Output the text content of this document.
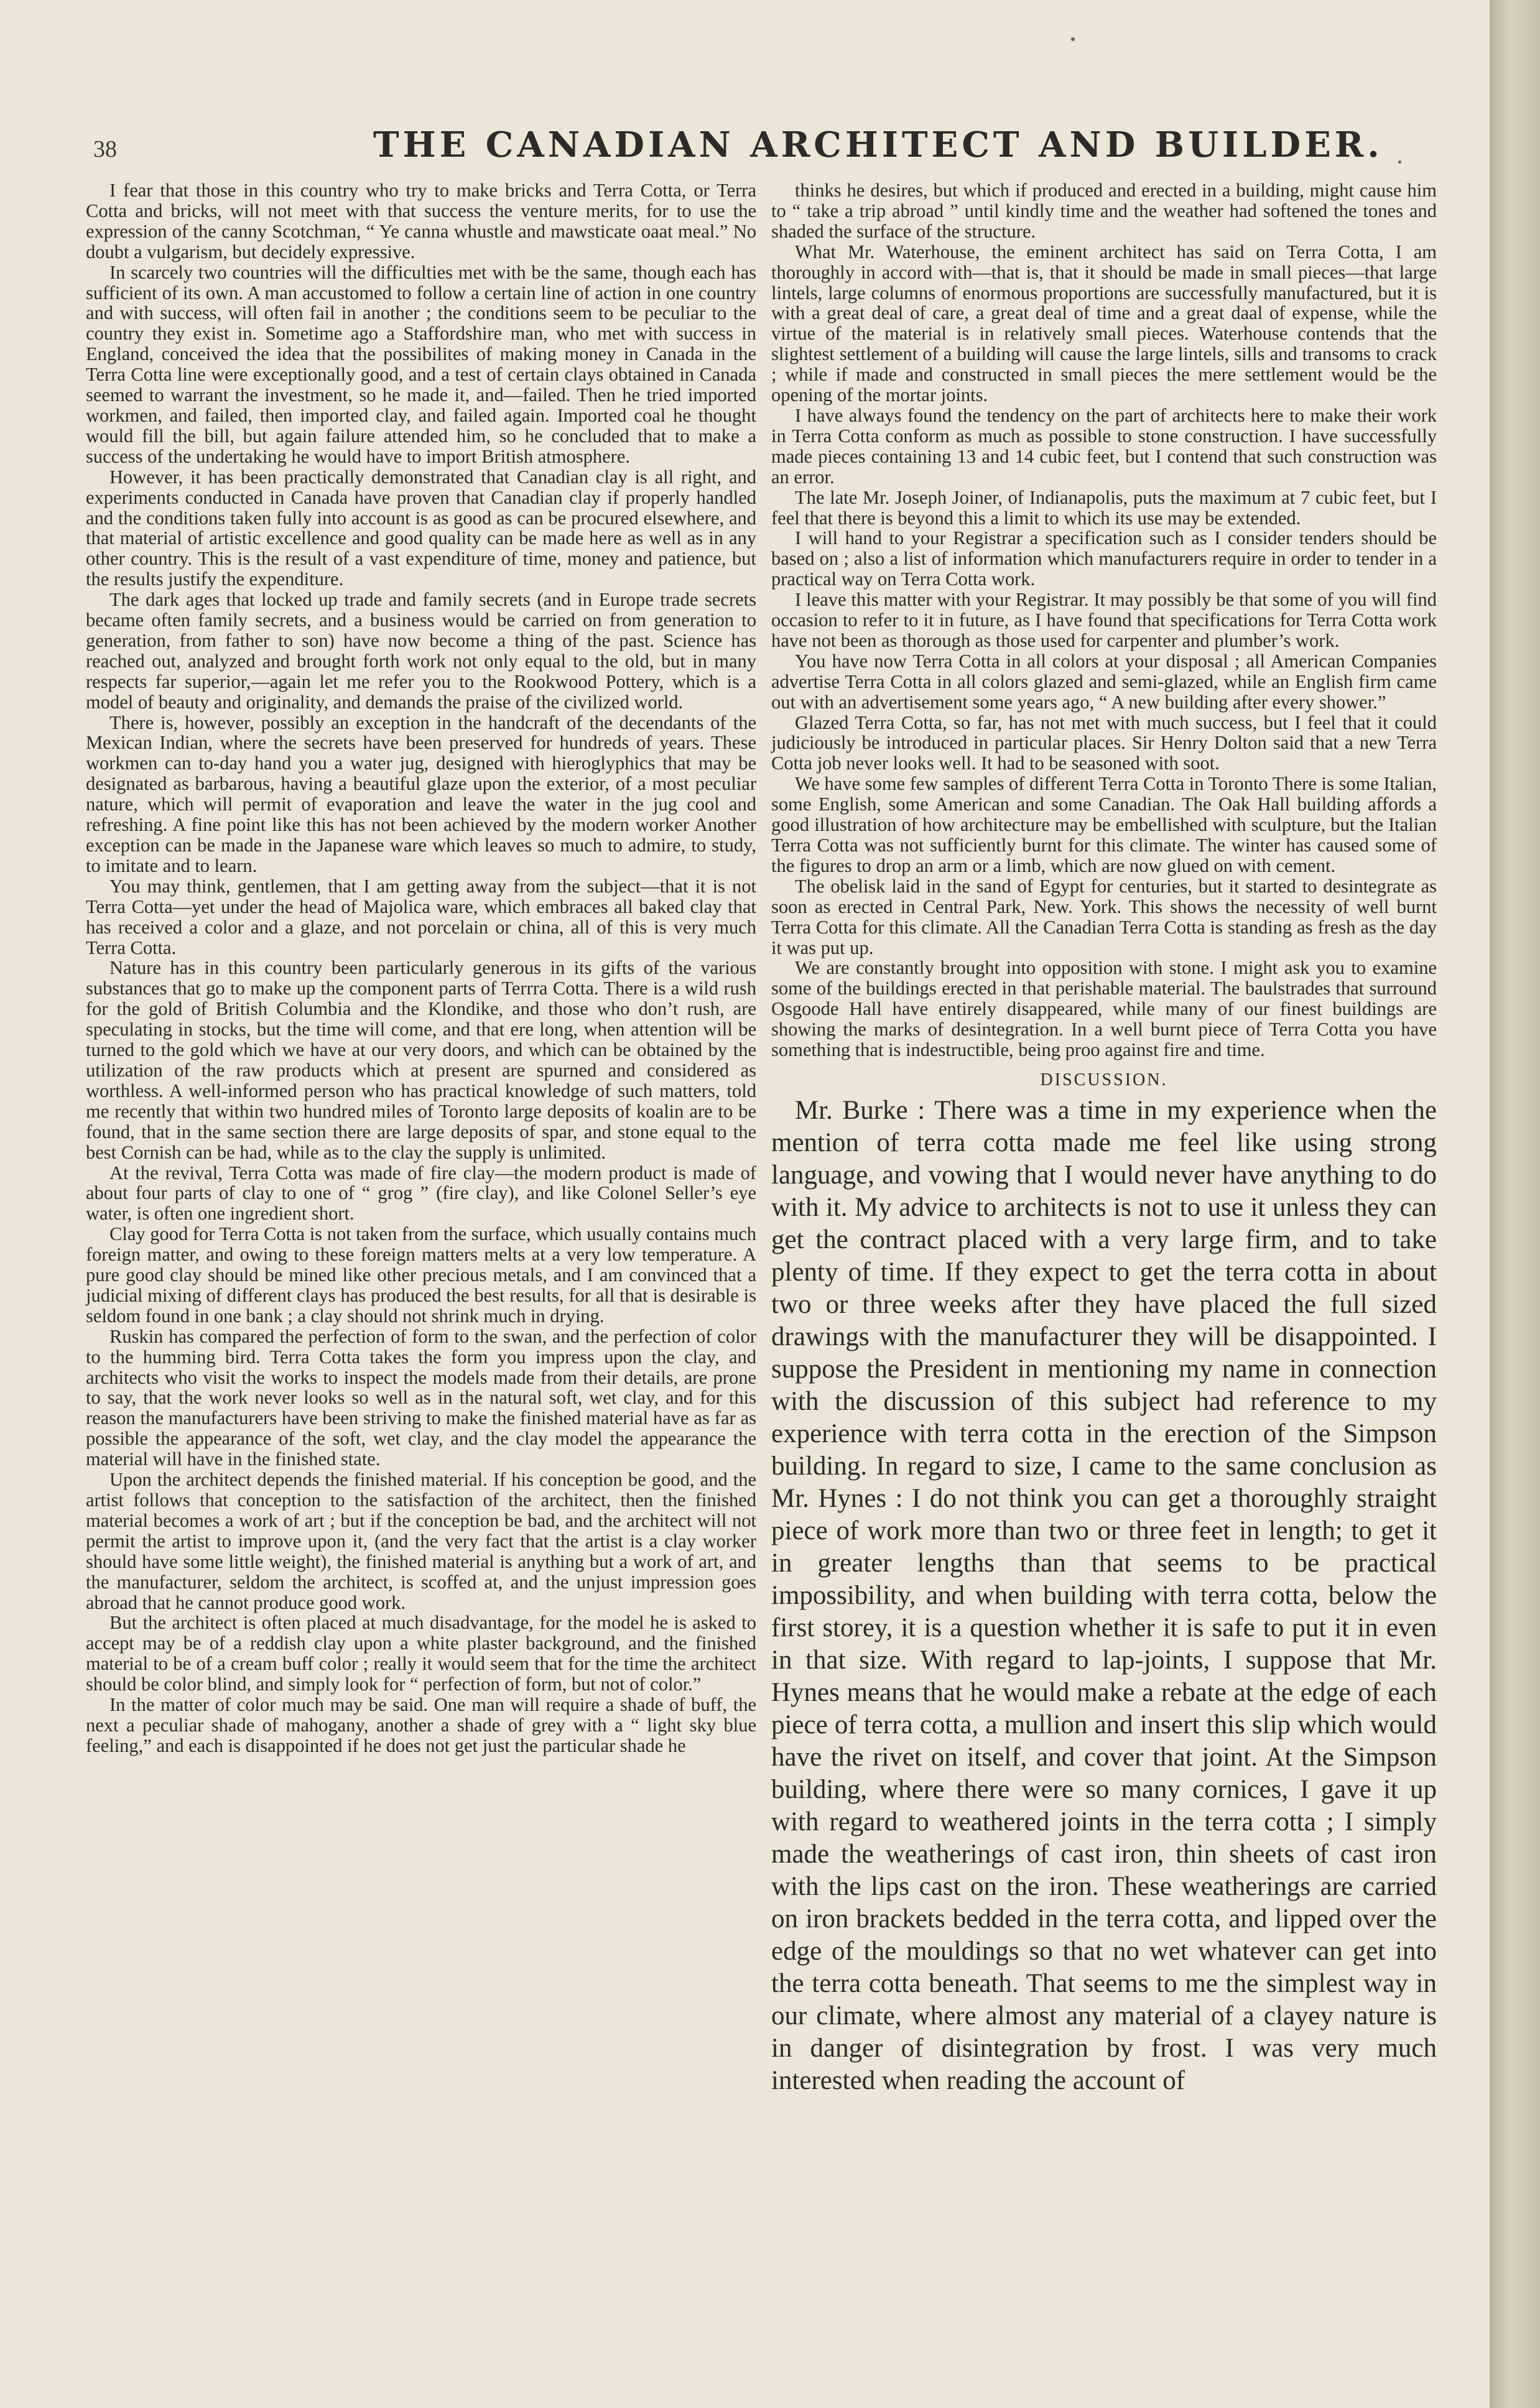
38	THE CANADIAN ARCHITECT AND BUILDER.

I fear that those in this country who try to make bricks and Terra Cotta, or Terra Cotta and bricks, will not meet with that success the venture merits, for to use the expression of the canny Scotchman, “ Ye canna whustle and mawsticate oaat meal.” No doubt a vulgarism, but decidely expressive.

In scarcely two countries will the difficulties met with be the same, though each has sufficient of its own. A man accustomed to follow a certain line of action in one country and with success, will often fail in another ; the conditions seem to be peculiar to the country they exist in. Sometime ago a Staffordshire man, who met with success in England, conceived the idea that the possibilites of making money in Canada in the Terra Cotta line were exceptionally good, and a test of certain clays obtained in Canada seemed to warrant the investment, so he made it, and—failed. Then he tried imported workmen, and failed, then imported clay, and failed again. Imported coal he thought would fill the bill, but again failure attended him, so he concluded that to make a success of the undertaking he would have to import British atmosphere.

However, it has been practically demonstrated that Canadian clay is all right, and experiments conducted in Canada have proven that Canadian clay if properly handled and the conditions taken fully into account is as good as can be procured elsewhere, and that material of artistic excellence and good quality can be made here as well as in any other country. This is the result of a vast expenditure of time, money and patience, but the results justify the expenditure.

The dark ages that locked up trade and family secrets (and in Europe trade secrets became often family secrets, and a business would be carried on from generation to generation, from father to son) have now become a thing of the past. Science has reached out, analyzed and brought forth work not only equal to the old, but in many respects far superior,—again let me refer you to the Rookwood Pottery, which is a model of beauty and originality, and demands the praise of the civilized world.

There is, however, possibly an exception in the handcraft of the decendants of the Mexican Indian, where the secrets have been preserved for hundreds of years. These workmen can to-day hand you a water jug, designed with hieroglyphics that may be designated as barbarous, having a beautiful glaze upon the exterior, of a most peculiar nature, which will permit of evaporation and leave the water in the jug cool and refreshing. A fine point like this has not been achieved by the modern worker Another exception can be made in the Japanese ware which leaves so much to admire, to study, to imitate and to learn.

You may think, gentlemen, that I am getting away from the subject—that it is not Terra Cotta—yet under the head of Majolica ware, which embraces all baked clay that has received a color and a glaze, and not porcelain or china, all of this is very much Terra Cotta.

Nature has in this country been particularly generous in its gifts of the various substances that go to make up the component parts of Terrra Cotta. There is a wild rush for the gold of British Columbia and the Klondike, and those who don’t rush, are speculating in stocks, but the time will come, and that ere long, when attention will be turned to the gold which we have at our very doors, and which can be obtained by the utilization of the raw products which at present are spurned and considered as worthless. A well-informed person who has practical knowledge of such matters, told me recently that within two hundred miles of Toronto large deposits of koalin are to be found, that in the same section there are large deposits of spar, and stone equal to the best Cornish can be had, while as to the clay the supply is unlimited.

At the revival, Terra Cotta was made of fire clay—the modern product is made of about four parts of clay to one of “ grog ” (fire clay), and like Colonel Seller’s eye water, is often one ingredient short.

Clay good for Terra Cotta is not taken from the surface, which usually contains much foreign matter, and owing to these foreign matters melts at a very low temperature. A pure good clay should be mined like other precious metals, and I am convinced that a judicial mixing of different clays has produced the best results, for all that is desirable is seldom found in one bank ; a clay should not shrink much in drying.

Ruskin has compared the perfection of form to the swan, and the perfection of color to the humming bird. Terra Cotta takes the form you impress upon the clay, and architects who visit the works to inspect the models made from their details, are prone to say, that the work never looks so well as in the natural soft, wet clay, and for this reason the manufacturers have been striving to make the finished material have as far as possible the appearance of the soft, wet clay, and the clay model the appearance the material will have in the finished state.

Upon the architect depends the finished material. If his conception be good, and the artist follows that conception to the satisfaction of the architect, then the finished material becomes a work of art ; but if the conception be bad, and the architect will not permit the artist to improve upon it, (and the very fact that the artist is a clay worker should have some little weight), the finished material is anything but a work of art, and the manufacturer, seldom the architect, is scoffed at, and the unjust impression goes abroad that he cannot produce good work.

But the architect is often placed at much disadvantage, for the model he is asked to accept may be of a reddish clay upon a white plaster background, and the finished material to be of a cream buff color ; really it would seem that for the time the architect should be color blind, and simply look for “ perfection of form, but not of color.”

In the matter of color much may be said. One man will require a shade of buff, the next a peculiar shade of mahogany, another a shade of grey with a “ light sky blue feeling,” and each is disappointed if he does not get just the particular shade he

thinks he desires, but which if produced and erected in a building, might cause him to “ take a trip abroad ” until kindly time and the weather had softened the tones and shaded the surface of the structure.

What Mr. Waterhouse, the eminent architect has said on Terra Cotta, I am thoroughly in accord with—that is, that it should be made in small pieces—that large lintels, large columns of enormous proportions are successfully manufactured, but it is with a great deal of care, a great deal of time and a great daal of expense, while the virtue of the material is in relatively small pieces. Waterhouse contends that the slightest settlement of a building will cause the large lintels, sills and transoms to crack ; while if made and constructed in small pieces the mere settlement would be the opening of the mortar joints.

I have always found the tendency on the part of architects here to make their work in Terra Cotta conform as much as possible to stone construction. I have successfully made pieces containing 13 and 14 cubic feet, but I contend that such construction was an error.

The late Mr. Joseph Joiner, of Indianapolis, puts the maximum at 7 cubic feet, but I feel that there is beyond this a limit to which its use may be extended.

I will hand to your Registrar a specification such as I consider tenders should be based on ; also a list of information which manufacturers require in order to tender in a practical way on Terra Cotta work.

I leave this matter with your Registrar. It may possibly be that some of you will find occasion to refer to it in future, as I have found that specifications for Terra Cotta work have not been as thorough as those used for carpenter and plumber’s work.

You have now Terra Cotta in all colors at your disposal ; all American Companies advertise Terra Cotta in all colors glazed and semi-glazed, while an English firm came out with an advertisement some years ago, “ A new building after every shower.”

Glazed Terra Cotta, so far, has not met with much success, but I feel that it could judiciously be introduced in particular places. Sir Henry Dolton said that a new Terra Cotta job never looks well. It had to be seasoned with soot.

We have some few samples of different Terra Cotta in Toronto There is some Italian, some English, some American and some Canadian. The Oak Hall building affords a good illustration of how architecture may be embellished with sculpture, but the Italian Terra Cotta was not sufficiently burnt for this climate. The winter has caused some of the figures to drop an arm or a limb, which are now glued on with cement.

The obelisk laid in the sand of Egypt for centuries, but it started to desintegrate as soon as erected in Central Park, New. York. This shows the necessity of well burnt Terra Cotta for this climate. All the Canadian Terra Cotta is standing as fresh as the day it was put up.

We are constantly brought into opposition with stone. I might ask you to examine some of the buildings erected in that perishable material. The baulstrades that surround Osgoode Hall have entirely disappeared, while many of our finest buildings are showing the marks of desintegration. In a well burnt piece of Terra Cotta you have something that is indestructible, being proo against fire and time.

DISCUSSION.

Mr. Burke : There was a time in my experience when the mention of terra cotta made me feel like using strong language, and vowing that I would never have anything to do with it. My advice to architects is not to use it unless they can get the contract placed with a very large firm, and to take plenty of time. If they expect to get the terra cotta in about two or three weeks after they have placed the full sized drawings with the manufacturer they will be disappointed. I suppose the President in mentioning my name in connection with the discussion of this subject had reference to my experience with terra cotta in the erection of the Simpson building. In regard to size, I came to the same conclusion as Mr. Hynes : I do not think you can get a thoroughly straight piece of work more than two or three feet in length; to get it in greater lengths than that seems to be practical impossibility, and when building with terra cotta, below the first storey, it is a question whether it is safe to put it in even in that size. With regard to lap-joints, I suppose that Mr. Hynes means that he would make a rebate at the edge of each piece of terra cotta, a mullion and insert this slip which would have the rivet on itself, and cover that joint. At the Simpson building, where there were so many cornices, I gave it up with regard to weathered joints in the terra cotta ; I simply made the weatherings of cast iron, thin sheets of cast iron with the lips cast on the iron. These weatherings are carried on iron brackets bedded in the terra cotta, and lipped over the edge of the mouldings so that no wet whatever can get into the terra cotta beneath. That seems to me the simplest way in our climate, where almost any material of a clayey nature is in danger of disintegration by frost. I was very much interested when reading the account of
